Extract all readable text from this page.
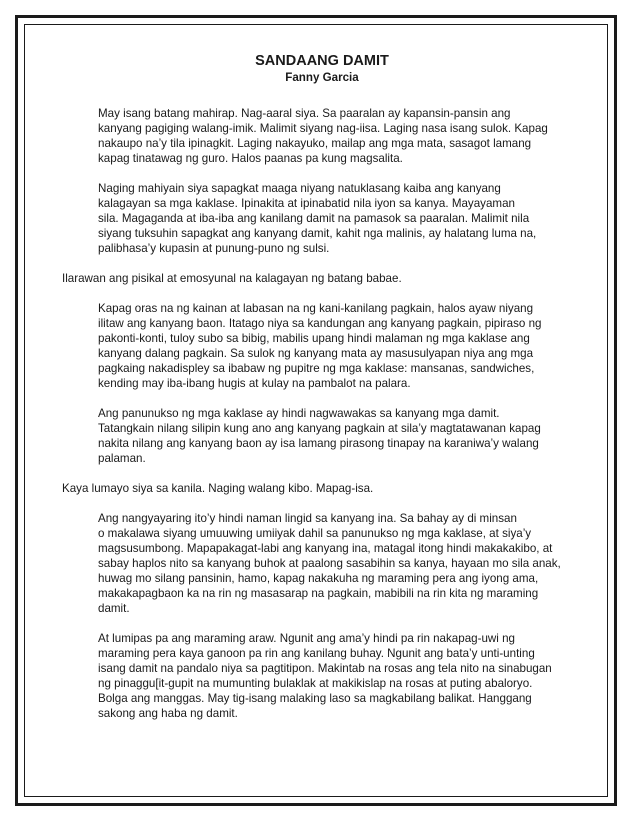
SANDAANG DAMIT
Fanny Garcia

May isang batang mahirap. Nag-aaral siya. Sa paaralan ay kapansin-pansin ang
kanyang pagiging walang-imik. Malimit siyang nag-iisa. Laging nasa isang sulok. Kapag
nakaupo na’y tila ipinagkit. Laging nakayuko, mailap ang mga mata, sasagot lamang
kapag tinatawag ng guro. Halos paanas pa kung magsalita.

Naging mahiyain siya sapagkat maaga niyang natuklasang kaiba ang kanyang
kalagayan sa mga kaklase. Ipinakita at ipinabatid nila iyon sa kanya. Mayayaman
sila. Magaganda at iba-iba ang kanilang damit na pamasok sa paaralan. Malimit nila
siyang tuksuhin sapagkat ang kanyang damit, kahit nga malinis, ay halatang luma na,
palibhasa’y kupasin at punung-puno ng sulsi.

Ilarawan ang pisikal at emosyunal na kalagayan ng batang babae.

Kapag oras na ng kainan at labasan na ng kani-kanilang pagkain, halos ayaw niyang
ilitaw ang kanyang baon. Itatago niya sa kandungan ang kanyang pagkain, pipiraso ng
pakonti-konti, tuloy subo sa bibig, mabilis upang hindi malaman ng mga kaklase ang
kanyang dalang pagkain. Sa sulok ng kanyang mata ay masusulyapan niya ang mga
pagkaing nakadispley sa ibabaw ng pupitre ng mga kaklase: mansanas, sandwiches,
kending may iba-ibang hugis at kulay na pambalot na palara.

Ang panunukso ng mga kaklase ay hindi nagwawakas sa kanyang mga damit.
Tatangkain nilang silipin kung ano ang kanyang pagkain at sila’y magtatawanan kapag
nakita nilang ang kanyang baon ay isa lamang pirasong tinapay na karaniwa’y walang
palaman.

Kaya lumayo siya sa kanila. Naging walang kibo. Mapag-isa.

Ang nangyayaring ito’y hindi naman lingid sa kanyang ina. Sa bahay ay di minsan
o makalawa siyang umuuwing umiiyak dahil sa panunukso ng mga kaklase, at siya’y
magsusumbong. Mapapakagat-labi ang kanyang ina, matagal itong hindi makakakibo, at
sabay haplos nito sa kanyang buhok at paalong sasabihin sa kanya, hayaan mo sila anak,
huwag mo silang pansinin, hamo, kapag nakakuha ng maraming pera ang iyong ama,
makakapagbaon ka na rin ng masasarap na pagkain, mabibili na rin kita ng maraming
damit.

At lumipas pa ang maraming araw. Ngunit ang ama’y hindi pa rin nakapag-uwi ng
maraming pera kaya ganoon pa rin ang kanilang buhay. Ngunit ang bata’y unti-unting
isang damit na pandalo niya sa pagtitipon. Makintab na rosas ang tela nito na sinabugan
ng pinaggu[it-gupit na mumunting bulaklak at makikislap na rosas at puting abaloryo.
Bolga ang manggas. May tig-isang malaking laso sa magkabilang balikat. Hanggang
sakong ang haba ng damit.
